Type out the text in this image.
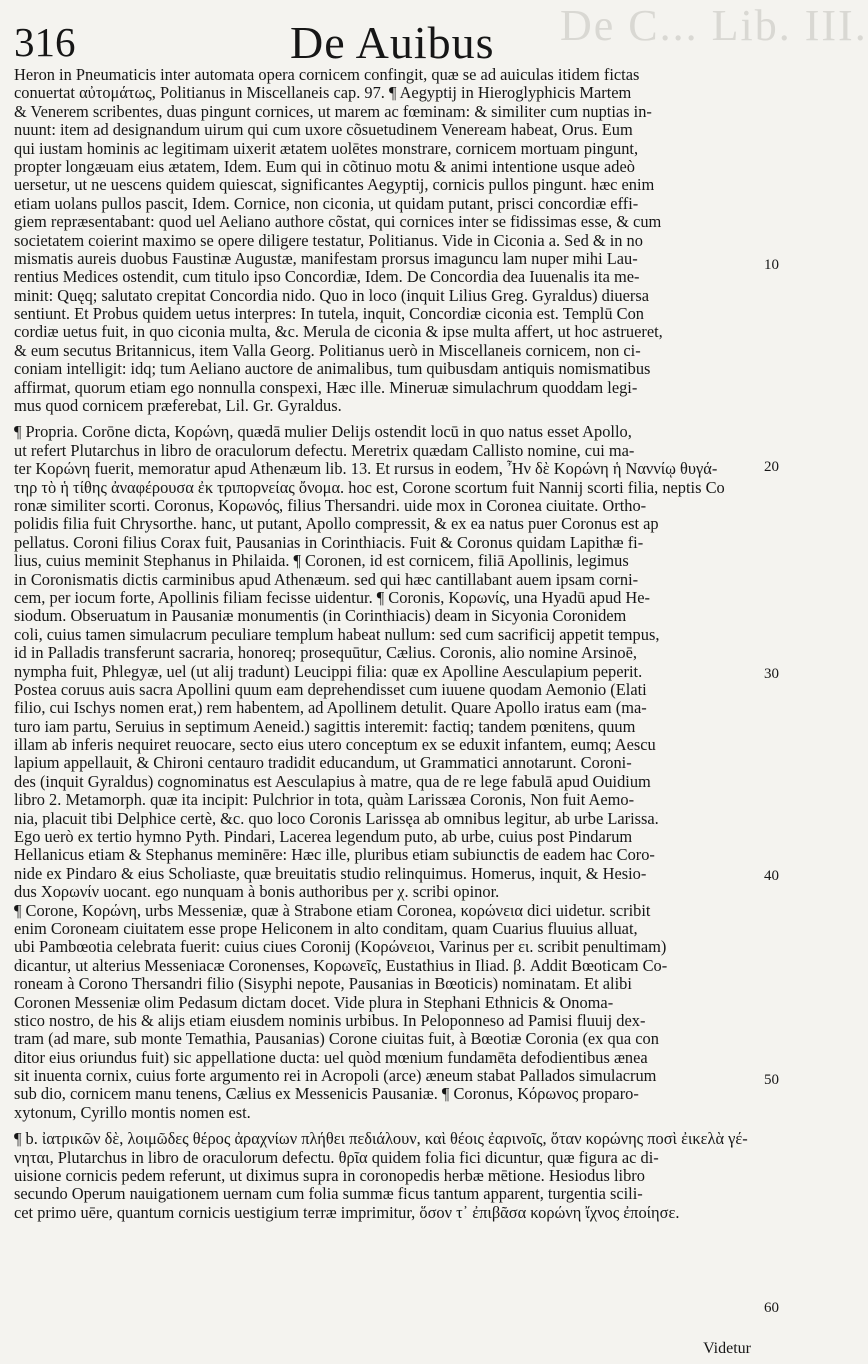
De C... Lib. III.
316	De Auibus
Heron in Pneumaticis inter automata opera cornicem confingit, quæ se ad auiculas itidem fictas
conuertat αὐτομάτως, Politianus in Miscellaneis cap. 97. ¶ Aegyptij in Hieroglyphicis Martem
& Venerem scribentes, duas pingunt cornices, ut marem ac fœminam: & similiter cum nuptias in-
nuunt: item ad designandum uirum qui cum uxore cõsuetudinem Veneream habeat, Orus. Eum
qui iustam hominis ac legitimam uixerit ætatem uolētes monstrare, cornicem mortuam pingunt,
propter longæuam eius ætatem, Idem. Eum qui in cõtinuo motu & animi intentione usque adeò
uersetur, ut ne uescens quidem quiescat, significantes Aegyptij, cornicis pullos pingunt. hæc enim
etiam uolans pullos pascit, Idem. Cornice, non ciconia, ut quidam putant, prisci concordiæ effi-
giem repræsentabant: quod uel Aeliano authore cõstat, qui cornices inter se fidissimas esse, & cum
societatem coierint maximo se opere diligere testatur, Politianus. Vide in Ciconia a. Sed & in no
mismatis aureis duobus Faustinæ Augustæ, manifestam prorsus imaguncu lam nuper mihi Lau-
rentius Medices ostendit, cum titulo ipso Concordiæ, Idem. De Concordia dea Iuuenalis ita me-
minit: Quęq; salutato crepitat Concordia nido. Quo in loco (inquit Lilius Greg. Gyraldus) diuersa
sentiunt. Et Probus quidem uetus interpres: In tutela, inquit, Concordiæ ciconia est. Templū Con
cordiæ uetus fuit, in quo ciconia multa, &c. Merula de ciconia & ipse multa affert, ut hoc astrueret,
& eum secutus Britannicus, item Valla Georg. Politianus uerò in Miscellaneis cornicem, non ci-
coniam intelligit: idq; tum Aeliano auctore de animalibus, tum quibusdam antiquis nomismatibus
affirmat, quorum etiam ego nonnulla conspexi, Hæc ille. Mineruæ simulachrum quoddam legi-
mus quod cornicem præferebat, Lil. Gr. Gyraldus.
¶ Propria. Corōne dicta, Κορώνη, quædā mulier Delijs ostendit locū in quo natus esset Apollo,
ut refert Plutarchus in libro de oraculorum defectu. Meretrix quædam Callisto nomine, cui ma-
ter Κορώνη fuerit, memoratur apud Athenæum lib. 13. Et rursus in eodem, Ἦν δὲ Κορώνη ἡ Ναννίῳ θυγά-
τηρ τὸ ἡ τίθης ἀναφέρουσα ἐκ τριπορνείας ὄνομα. hoc est, Corone scortum fuit Nannij scorti filia, neptis Co
ronæ similiter scorti. Coronus, Κορωνός, filius Thersandri. uide mox in Coronea ciuitate. Ortho-
polidis filia fuit Chrysorthe. hanc, ut putant, Apollo compressit, & ex ea natus puer Coronus est ap
pellatus. Coroni filius Corax fuit, Pausanias in Corinthiacis. Fuit & Coronus quidam Lapithæ fi-
lius, cuius meminit Stephanus in Philaida. ¶ Coronen, id est cornicem, filiā Apollinis, legimus
in Coronismatis dictis carminibus apud Athenæum. sed qui hæc cantillabant auem ipsam corni-
cem, per iocum forte, Apollinis filiam fecisse uidentur. ¶ Coronis, Κορωνίς, una Hyadū apud He-
siodum. Obseruatum in Pausaniæ monumentis (in Corinthiacis) deam in Sicyonia Coronidem
coli, cuius tamen simulacrum peculiare templum habeat nullum: sed cum sacrificij appetit tempus,
id in Palladis transferunt sacraria, honoreq; prosequūtur, Cælius. Coronis, alio nomine Arsinoē,
nympha fuit, Phlegyæ, uel (ut alij tradunt) Leucippi filia: quæ ex Apolline Aesculapium peperit.
Postea coruus auis sacra Apollini quum eam deprehendisset cum iuuene quodam Aemonio (Elati
filio, cui Ischys nomen erat,) rem habentem, ad Apollinem detulit. Quare Apollo iratus eam (ma-
turo iam partu, Seruius in septimum Aeneid.) sagittis interemit: factiq; tandem pœnitens, quum
illam ab inferis nequiret reuocare, secto eius utero conceptum ex se eduxit infantem, eumq; Aescu
lapium appellauit, & Chironi centauro tradidit educandum, ut Grammatici annotarunt. Coroni-
des (inquit Gyraldus) cognominatus est Aesculapius à matre, qua de re lege fabulā apud Ouidium
libro 2. Metamorph. quæ ita incipit: Pulchrior in tota, quàm Larissæa Coronis, Non fuit Aemo-
nia, placuit tibi Delphice certè, &c. quo loco Coronis Larissęa ab omnibus legitur, ab urbe Larissa.
Ego uerò ex tertio hymno Pyth. Pindari, Lacerea legendum puto, ab urbe, cuius post Pindarum
Hellanicus etiam & Stephanus meminēre: Hæc ille, pluribus etiam subiunctis de eadem hac Coro-
nide ex Pindaro & eius Scholiaste, quæ breuitatis studio relinquimus. Homerus, inquit, & Hesio-
dus Χορωνίν uocant. ego nunquam à bonis authoribus per χ. scribi opinor.
¶ Corone, Κορώνη, urbs Messeniæ, quæ à Strabone etiam Coronea, κορώνεια dici uidetur. scribit
enim Coroneam ciuitatem esse prope Heliconem in alto conditam, quam Cuarius fluuius alluat,
ubi Pambœotia celebrata fuerit: cuius ciues Coronij (Κορώνειοι, Varinus per ει. scribit penultimam)
dicantur, ut alterius Messeniacæ Coronenses, Κορωνεῖς, Eustathius in Iliad. β. Addit Bœoticam Co-
roneam à Corono Thersandri filio (Sisyphi nepote, Pausanias in Bœoticis) nominatam. Et alibi
Coronen Messeniæ olim Pedasum dictam docet. Vide plura in Stephani Ethnicis & Onoma-
stico nostro, de his & alijs etiam eiusdem nominis urbibus. In Peloponneso ad Pamisi fluuij dex-
tram (ad mare, sub monte Temathia, Pausanias) Corone ciuitas fuit, à Bœotiæ Coronia (ex qua con
ditor eius oriundus fuit) sic appellatione ducta: uel quòd mœnium fundamēta defodientibus ænea
sit inuenta cornix, cuius forte argumento rei in Acropoli (arce) æneum stabat Pallados simulacrum
sub dio, cornicem manu tenens, Cælius ex Messenicis Pausaniæ. ¶ Coronus, Κόρωνος proparo-
xytonum, Cyrillo montis nomen est.
¶ b. ἰατρικῶν δὲ, λοιμῶδες θέρος ἀραχνίων πλήθει πεδιάλουν, καὶ θέοις ἐαρινοῖς, ὅταν κορώνης ποσὶ ἐικελὰ γέ-
νηται, Plutarchus in libro de oraculorum defectu. θρῖα quidem folia fici dicuntur, quæ figura ac di-
uisione cornicis pedem referunt, ut diximus supra in coronopedis herbæ mētione. Hesiodus libro
secundo Operum nauigationem uernam cum folia summæ ficus tantum apparent, turgentia scili-
cet primo uēre, quantum cornicis uestigium terræ imprimitur, ὅσον τ᾽ ἐπιβᾶσα κορώνη ἴχνος ἐποίησε.
10
20
30
40
50
60
Videtur
